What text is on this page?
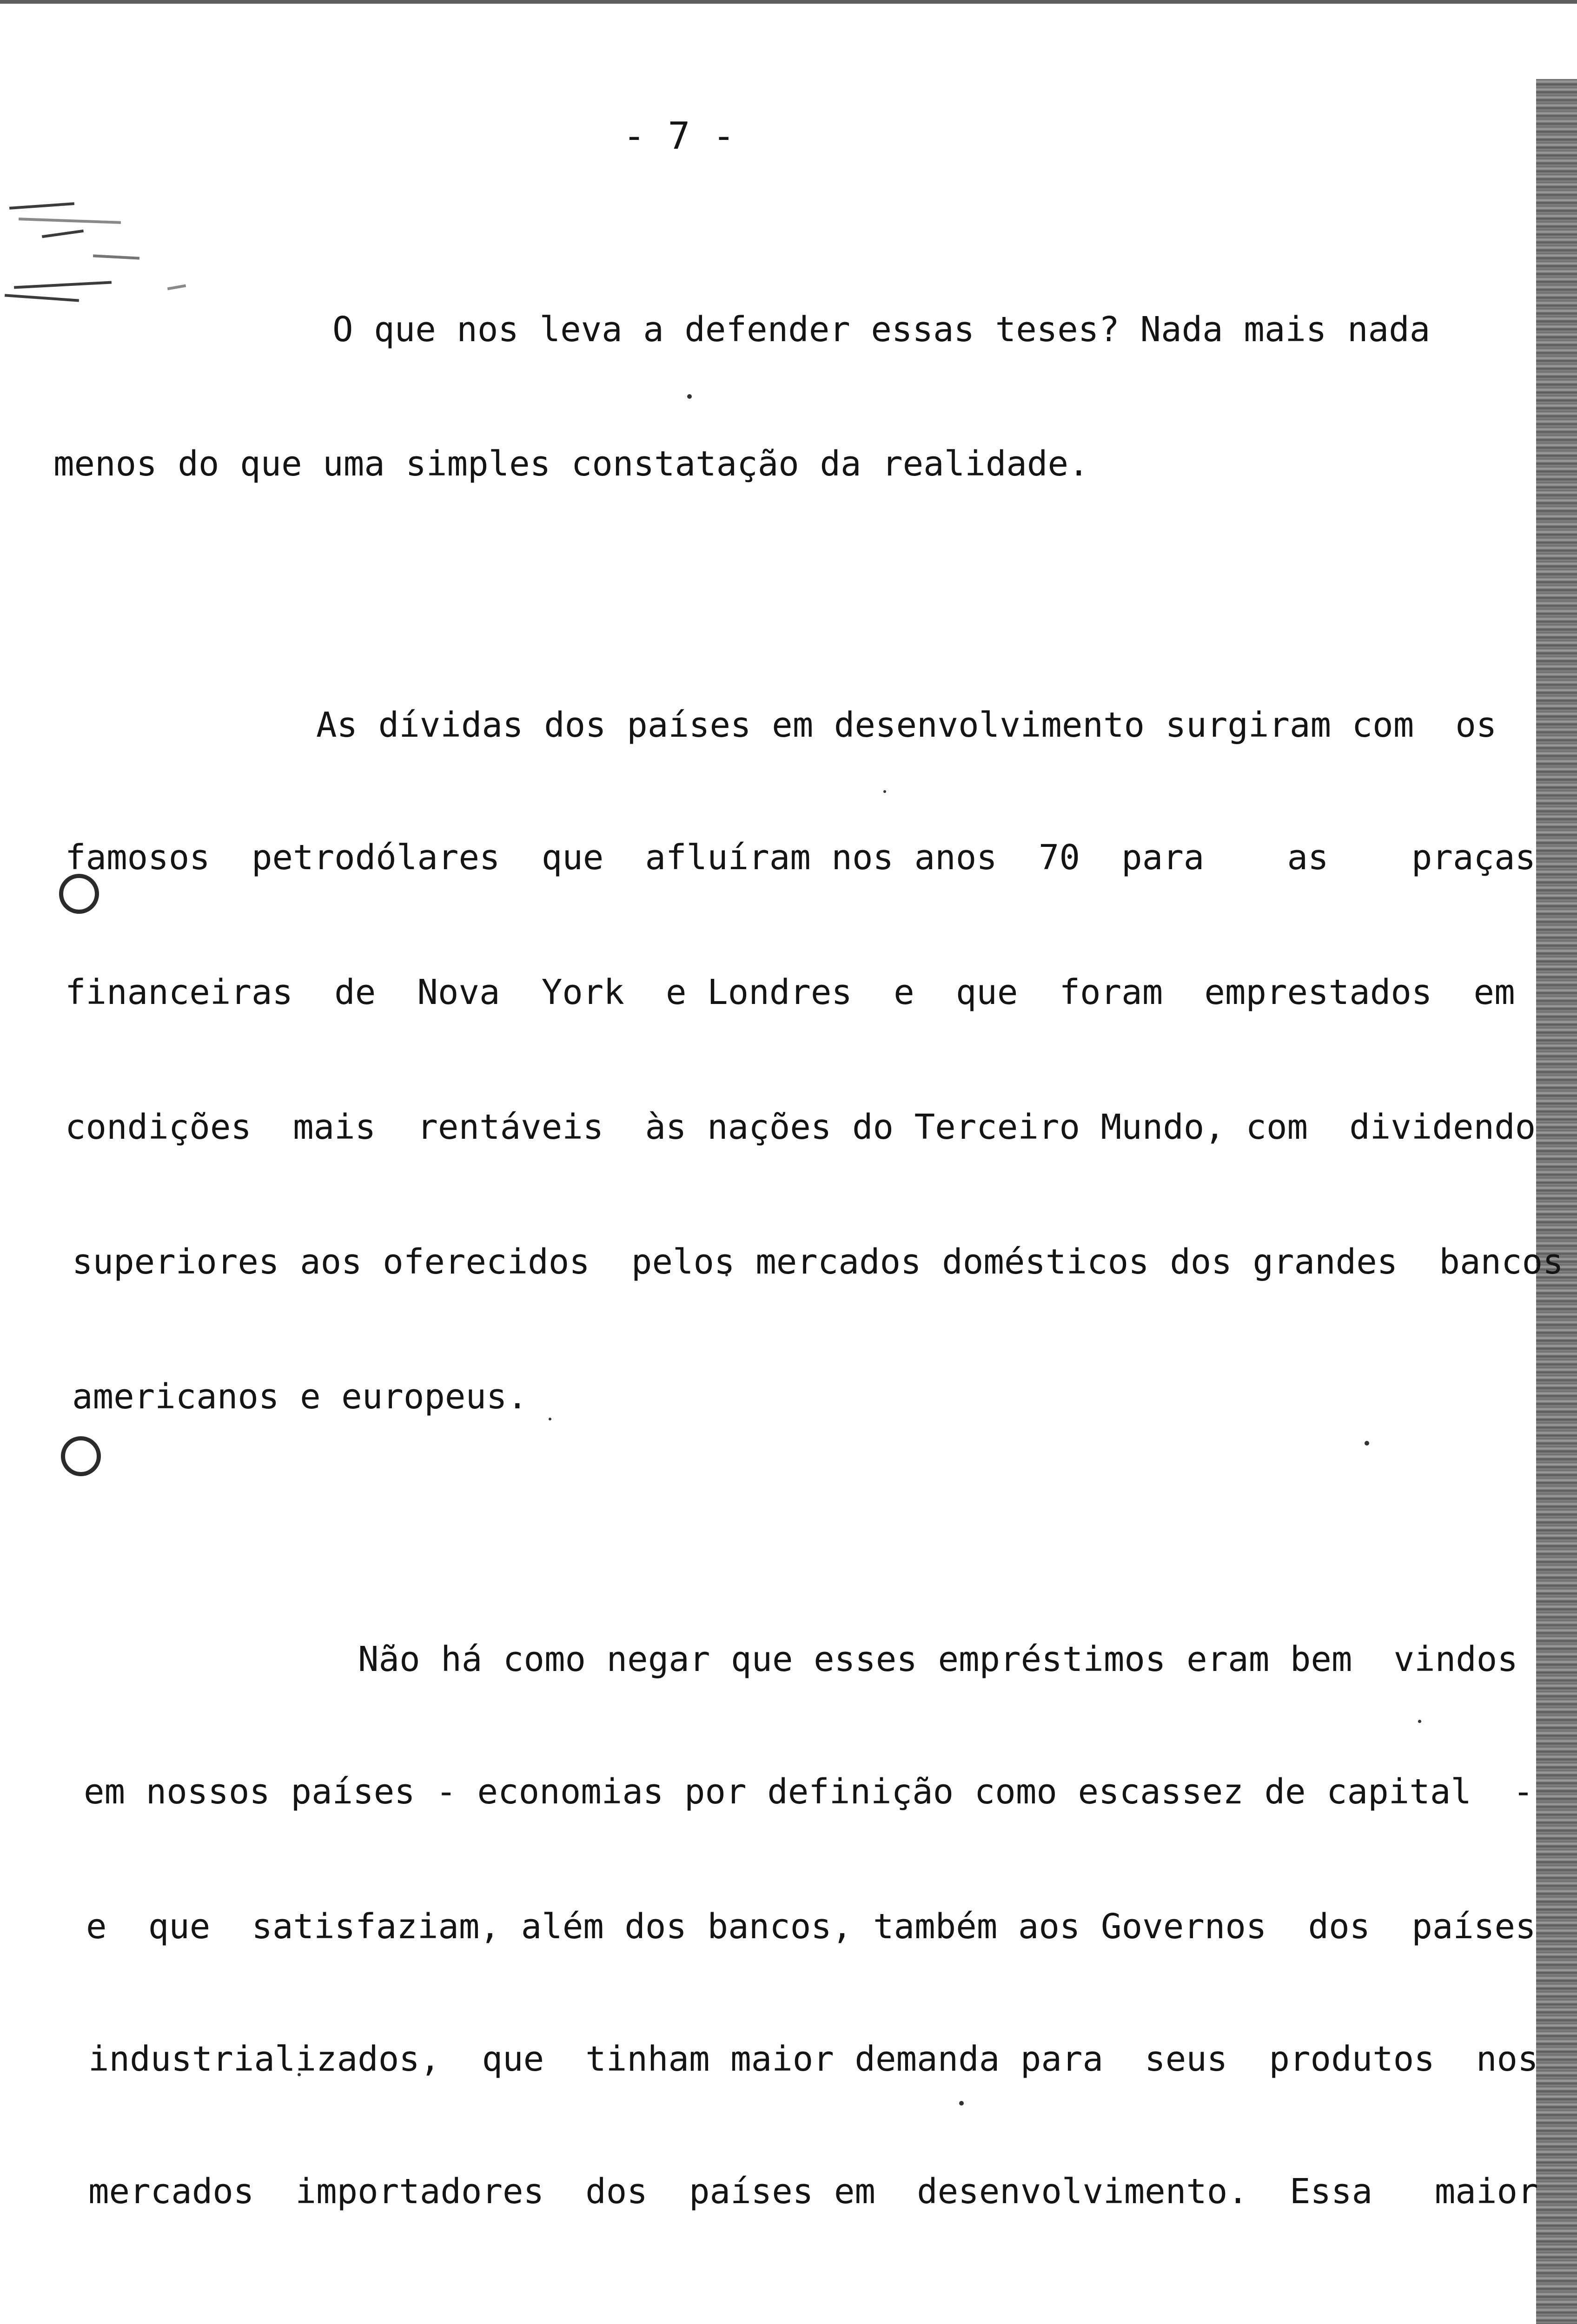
- 7 -
O que nos leva a defender essas teses? Nada mais nada
menos do que uma simples constatação da realidade.
As dívidas dos países em desenvolvimento surgiram com  os
famosos  petrodólares  que  afluíram nos anos  70  para    as    praças
financeiras  de  Nova  York  e Londres  e  que  foram  emprestados  em
condições  mais  rentáveis  às nações do Terceiro Mundo, com  dividendo
superiores aos oferecidos  pelos mercados domésticos dos grandes  bancos
americanos e europeus.
Não há como negar que esses empréstimos eram bem  vindos
em nossos países - economias por definição como escassez de capital  -
e  que  satisfaziam, além dos bancos, também aos Governos  dos  países
industrializados,  que  tinham maior demanda para  seus  produtos  nos
mercados  importadores  dos  países em  desenvolvimento.  Essa   maior
